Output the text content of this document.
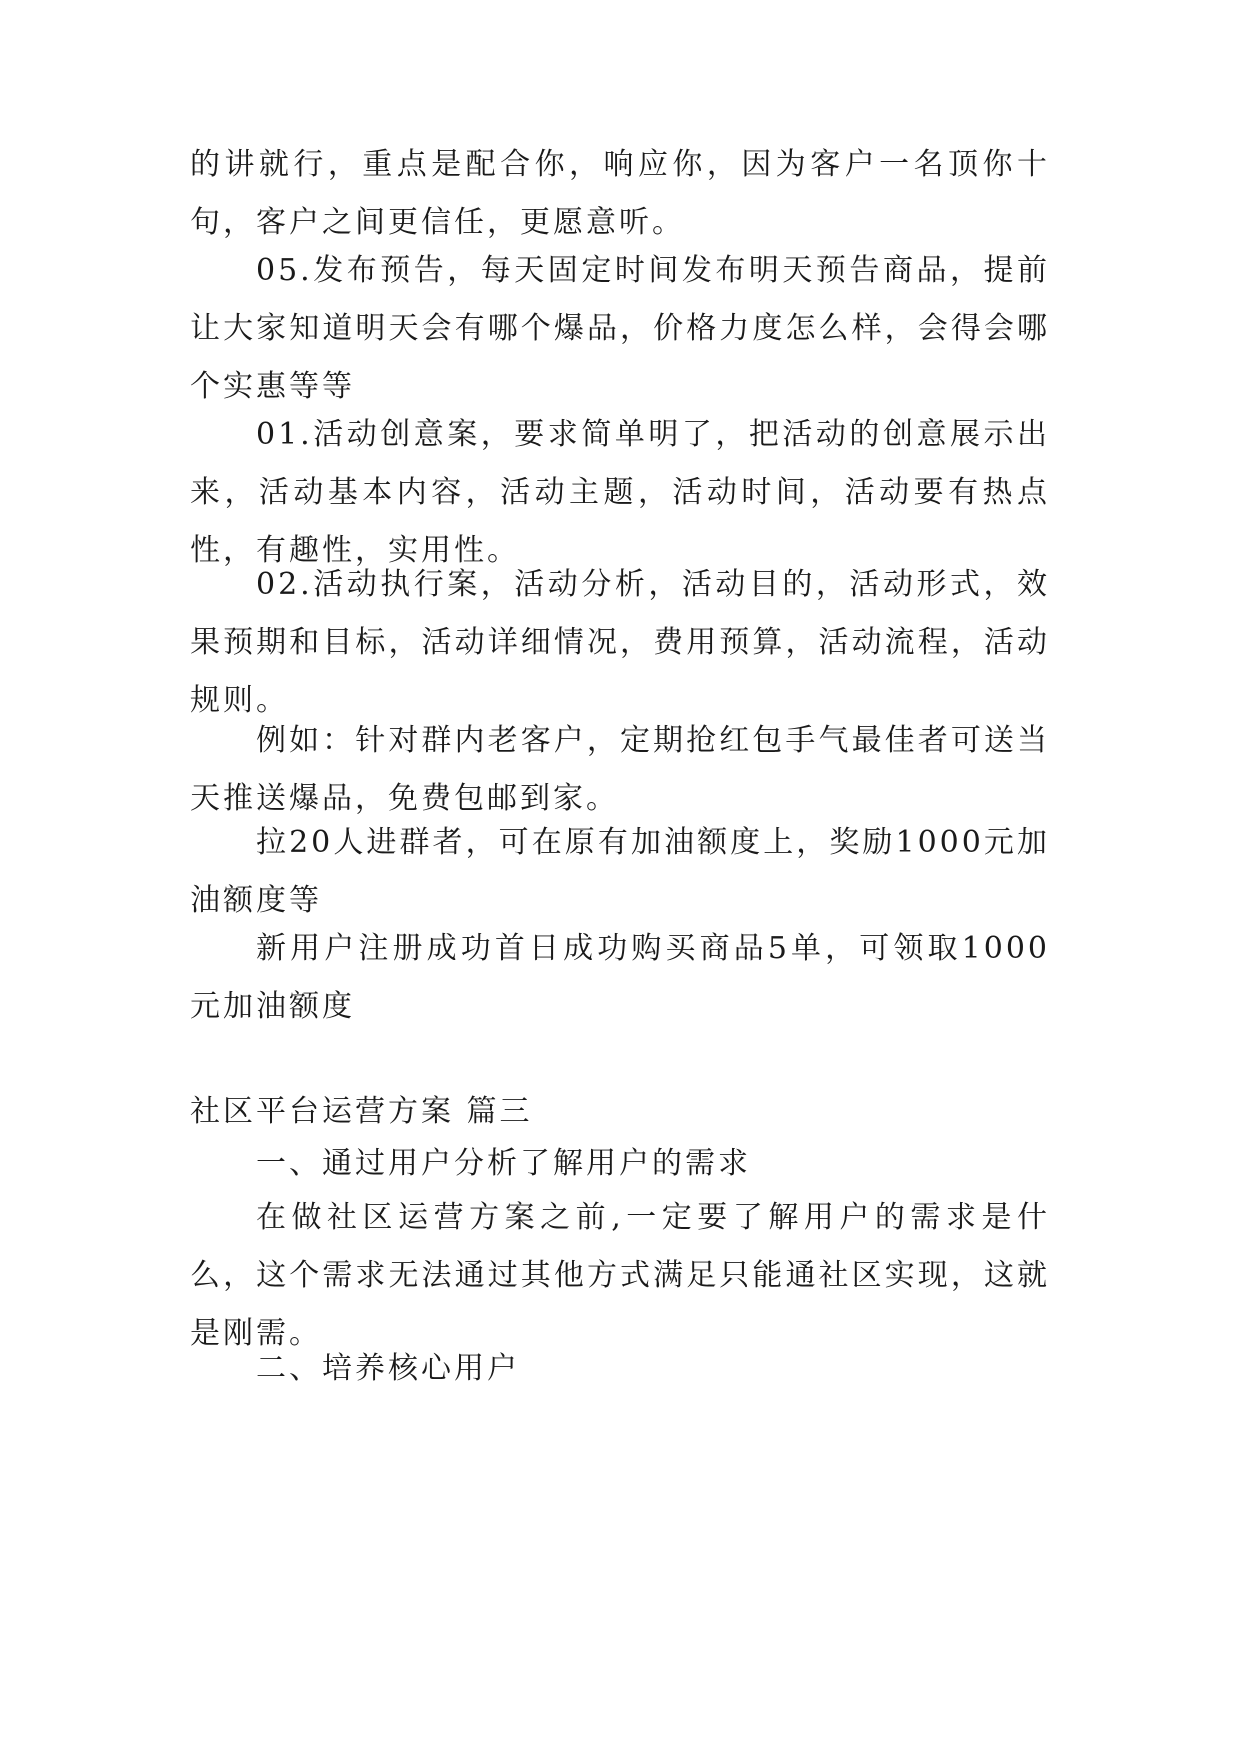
的讲就行，重点是配合你，响应你，因为客户一名顶你十句，客户之间更信任，更愿意听。

05.发布预告，每天固定时间发布明天预告商品，提前让大家知道明天会有哪个爆品，价格力度怎么样，会得会哪个实惠等等

01.活动创意案，要求简单明了，把活动的创意展示出来，活动基本内容，活动主题，活动时间，活动要有热点性，有趣性，实用性。

02.活动执行案，活动分析，活动目的，活动形式，效果预期和目标，活动详细情况，费用预算，活动流程，活动规则。

例如：针对群内老客户，定期抢红包手气最佳者可送当天推送爆品，免费包邮到家。

拉20人进群者，可在原有加油额度上，奖励1000元加油额度等

新用户注册成功首日成功购买商品5单，可领取1000元加油额度

社区平台运营方案 篇三

一、通过用户分析了解用户的需求

在做社区运营方案之前,一定要了解用户的需求是什么，这个需求无法通过其他方式满足只能通社区实现，这就是刚需。

二、培养核心用户
